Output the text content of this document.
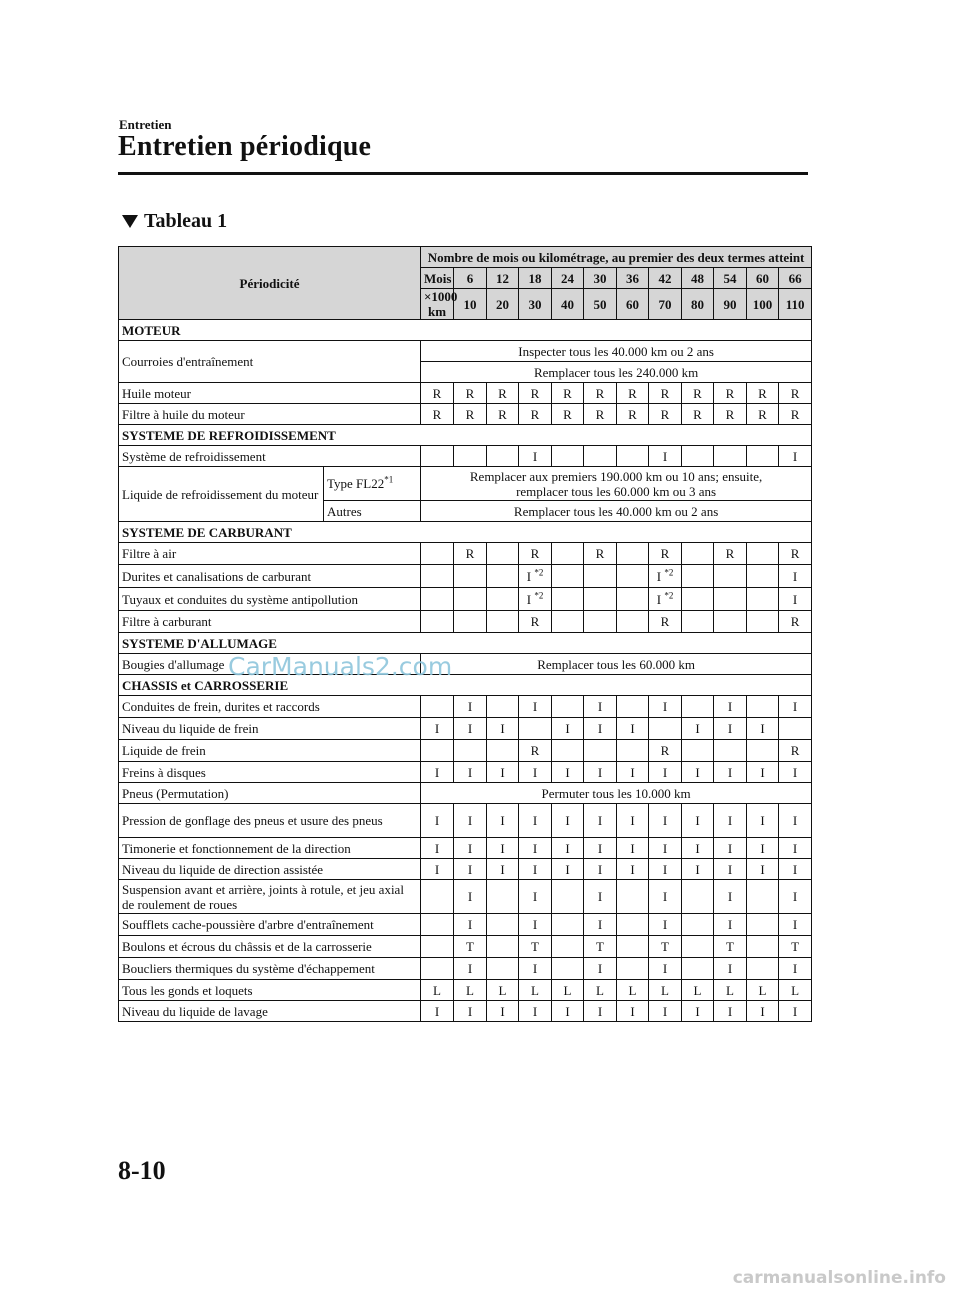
Entretien
Entretien périodique
Tableau 1
Périodicité		Nombre de mois ou kilométrage, au premier des deux termes atteint												
		Mois	6	12	18	24	30	36	42	48	54	60	66	
		×1000 km	10	20	30	40	50	60	70	80	90	100	110	
MOTEUR														
Courroies d'entraînement		Inspecter tous les 40.000 km ou 2 ans												
		Remplacer tous les 240.000 km												
Huile moteur		R	R	R	R	R	R	R	R	R	R	R	R	
Filtre à huile du moteur		R	R	R	R	R	R	R	R	R	R	R	R	
SYSTEME DE REFROIDISSEMENT														
Système de refroidissement					I				I				I	
Liquide de refroidissement du moteur	Type FL22$^{*1}$	Remplacer aux premiers 190.000 km ou 10 ans; ensuite,
remplacer tous les 60.000 km ou 3 ans												

	Autres	Remplacer tous les 40.000 km ou 2 ans												
SYSTEME DE CARBURANT														
Filtre à air			R		R		R		R		R		R	
Durites et canalisations de carburant					I $^{*2}$				I $^{*2}$				I	
Tuyaux et conduites du système antipollution					I $^{*2}$				I $^{*2}$				I	
Filtre à carburant					R				R				R	
SYSTEME D'ALLUMAGE														
Bougies d'allumage		Remplacer tous les 60.000 km												
CHASSIS et CARROSSERIE														
Conduites de frein, durites et raccords			I		I		I		I		I		I	
Niveau du liquide de frein		I	I	I		I	I	I		I	I	I		
Liquide de frein					R				R				R	
Freins à disques		I	I	I	I	I	I	I	I	I	I	I	I	
Pneus (Permutation)		Permuter tous les 10.000 km												
Pression de gonflage des pneus et usure des pneus		I	I	I	I	I	I	I	I	I	I	I	I	
Timonerie et fonctionnement de la direction		I	I	I	I	I	I	I	I	I	I	I	I	
Niveau du liquide de direction assistée		I	I	I	I	I	I	I	I	I	I	I	I	
Suspension avant et arrière, joints à rotule, et jeu axial de roulement de roues			I		I		I		I		I		I	
Soufflets cache-poussière d'arbre d'entraînement			I		I		I		I		I		I	
Boulons et écrous du châssis et de la carrosserie			T		T		T		T		T		T	
Boucliers thermiques du système d'échappement			I		I		I		I		I		I	
Tous les gonds et loquets		L	L	L	L	L	L	L	L	L	L	L	L	
Niveau du liquide de lavage		I	I	I	I	I	I	I	I	I	I	I	I	
CarManuals2.com
8-10
carmanualsonline.info
